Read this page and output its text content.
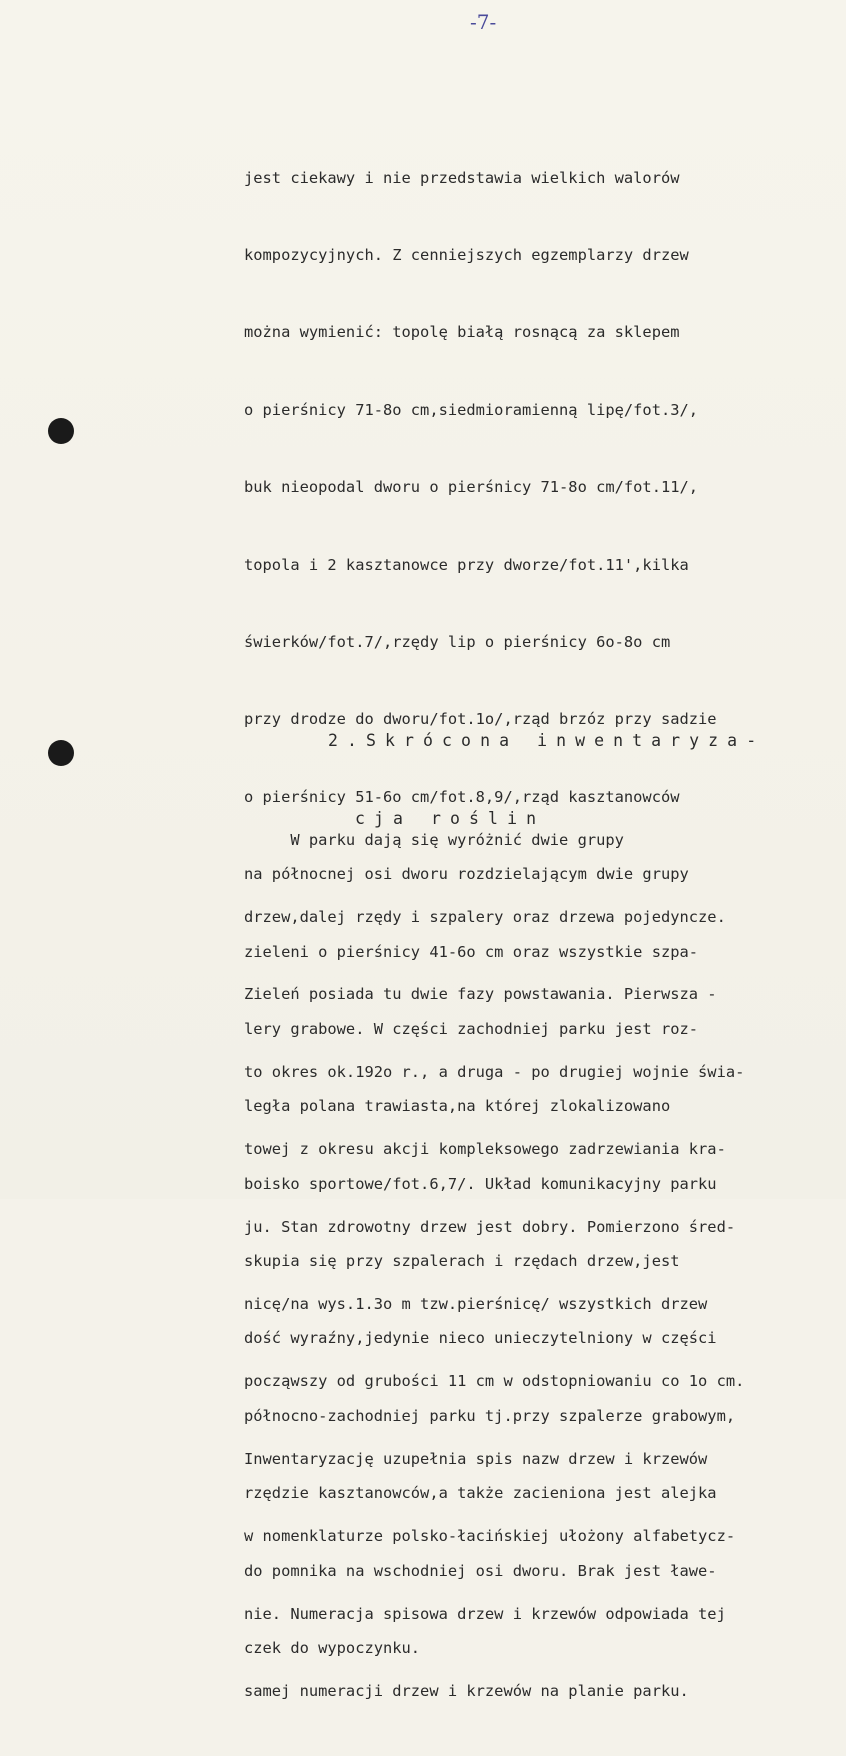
-7-

jest ciekawy i nie przedstawia wielkich walorów

kompozycyjnych. Z cenniejszych egzemplarzy drzew

można wymienić: topolę białą rosnącą za sklepem

o pierśnicy 71-8o cm,siedmioramienną lipę/fot.3/,

buk nieopodal dworu o pierśnicy 71-8o cm/fot.11/,

topola i 2 kasztanowce przy dworze/fot.11',kilka

świerków/fot.7/,rzędy lip o pierśnicy 6o-8o cm

przy drodze do dworu/fot.1o/,rząd brzóz przy sadzie

o pierśnicy 51-6o cm/fot.8,9/,rząd kasztanowców

na północnej osi dworu rozdzielającym dwie grupy

zieleni o pierśnicy 41-6o cm oraz wszystkie szpa-

lery grabowe. W części zachodniej parku jest roz-

legła polana trawiasta,na której zlokalizowano

boisko sportowe/fot.6,7/. Układ komunikacyjny parku

skupia się przy szpalerach i rzędach drzew,jest

dość wyraźny,jedynie nieco unieczytelniony w części

północno-zachodniej parku tj.przy szpalerze grabowym,

rzędzie kasztanowców,a także zacieniona jest alejka

do pomnika na wschodniej osi dworu. Brak jest ławe-

czek do wypoczynku.

2.Skrócona inwentaryza-

cja roślin

W parku dają się wyróżnić dwie grupy

drzew,dalej rzędy i szpalery oraz drzewa pojedyncze.

Zieleń posiada tu dwie fazy powstawania. Pierwsza -

to okres ok.192o r., a druga - po drugiej wojnie świa-

towej z okresu akcji kompleksowego zadrzewiania kra-

ju. Stan zdrowotny drzew jest dobry. Pomierzono śred-

nicę/na wys.1.3o m tzw.pierśnicę/ wszystkich drzew

począwszy od grubości 11 cm w odstopniowaniu co 1o cm.

Inwentaryzację uzupełnia spis nazw drzew i krzewów

w nomenklaturze polsko-łacińskiej ułożony alfabetycz-

nie. Numeracja spisowa drzew i krzewów odpowiada tej

samej numeracji drzew i krzewów na planie parku.
